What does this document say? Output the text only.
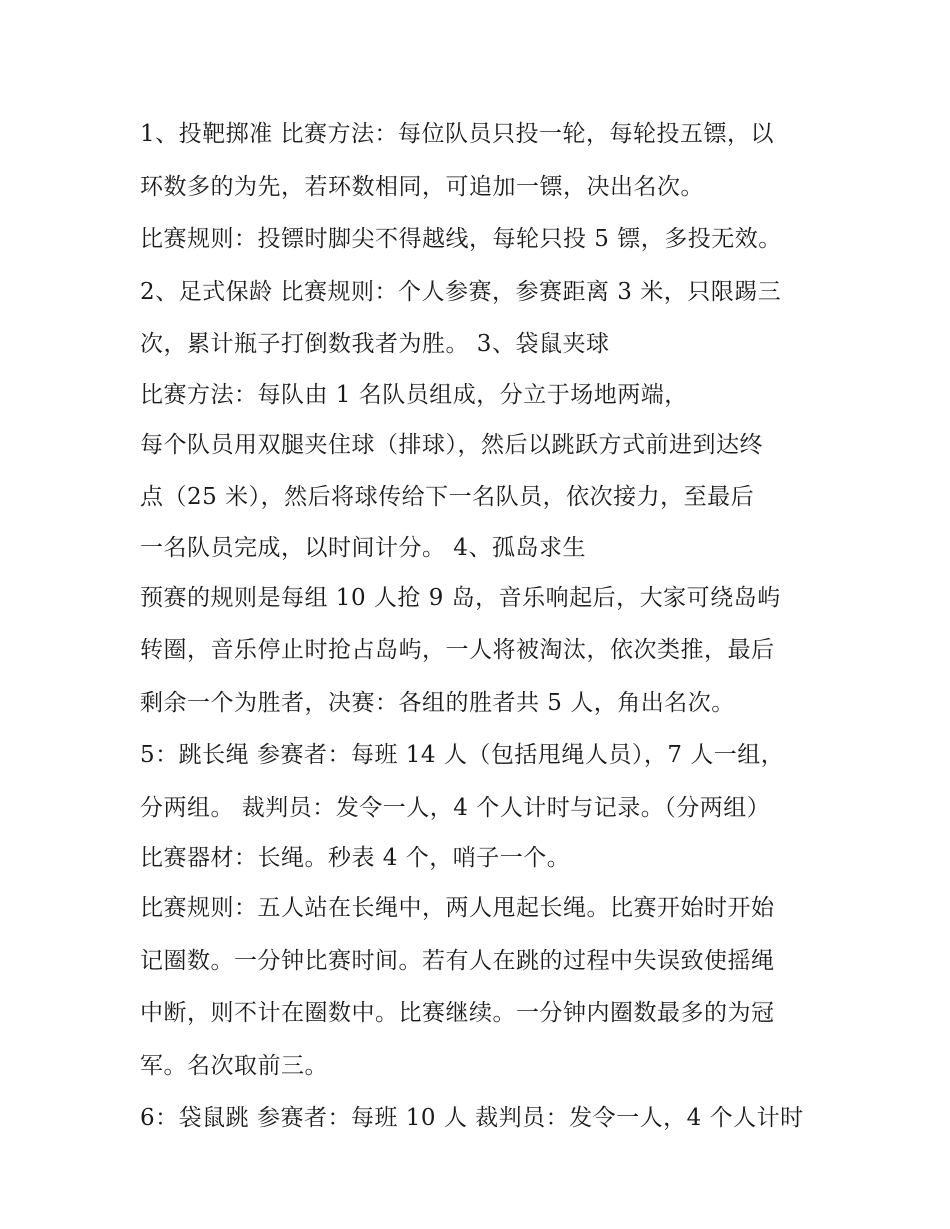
1、投靶掷准 比赛方法：每位队员只投一轮，每轮投五镖，以
环数多的为先，若环数相同，可追加一镖，决出名次。
比赛规则：投镖时脚尖不得越线，每轮只投 5 镖，多投无效。
2、足式保龄 比赛规则：个人参赛，参赛距离 3 米，只限踢三
次，累计瓶子打倒数我者为胜。 3、袋鼠夹球
比赛方法：每队由 1 名队员组成，分立于场地两端，
每个队员用双腿夹住球（排球），然后以跳跃方式前进到达终
点（25 米），然后将球传给下一名队员，依次接力，至最后
一名队员完成，以时间计分。 4、孤岛求生
预赛的规则是每组 10 人抢 9 岛，音乐响起后，大家可绕岛屿
转圈，音乐停止时抢占岛屿，一人将被淘汰，依次类推，最后
剩余一个为胜者，决赛：各组的胜者共 5 人，角出名次。
5：跳长绳 参赛者：每班 14 人（包括甩绳人员），7 人一组，
分两组。 裁判员：发令一人，4 个人计时与记录。（分两组）
比赛器材：长绳。秒表 4 个，哨子一个。
比赛规则：五人站在长绳中，两人甩起长绳。比赛开始时开始
记圈数。一分钟比赛时间。若有人在跳的过程中失误致使摇绳
中断，则不计在圈数中。比赛继续。一分钟内圈数最多的为冠
军。名次取前三。
6：袋鼠跳 参赛者：每班 10 人 裁判员：发令一人，4 个人计时
